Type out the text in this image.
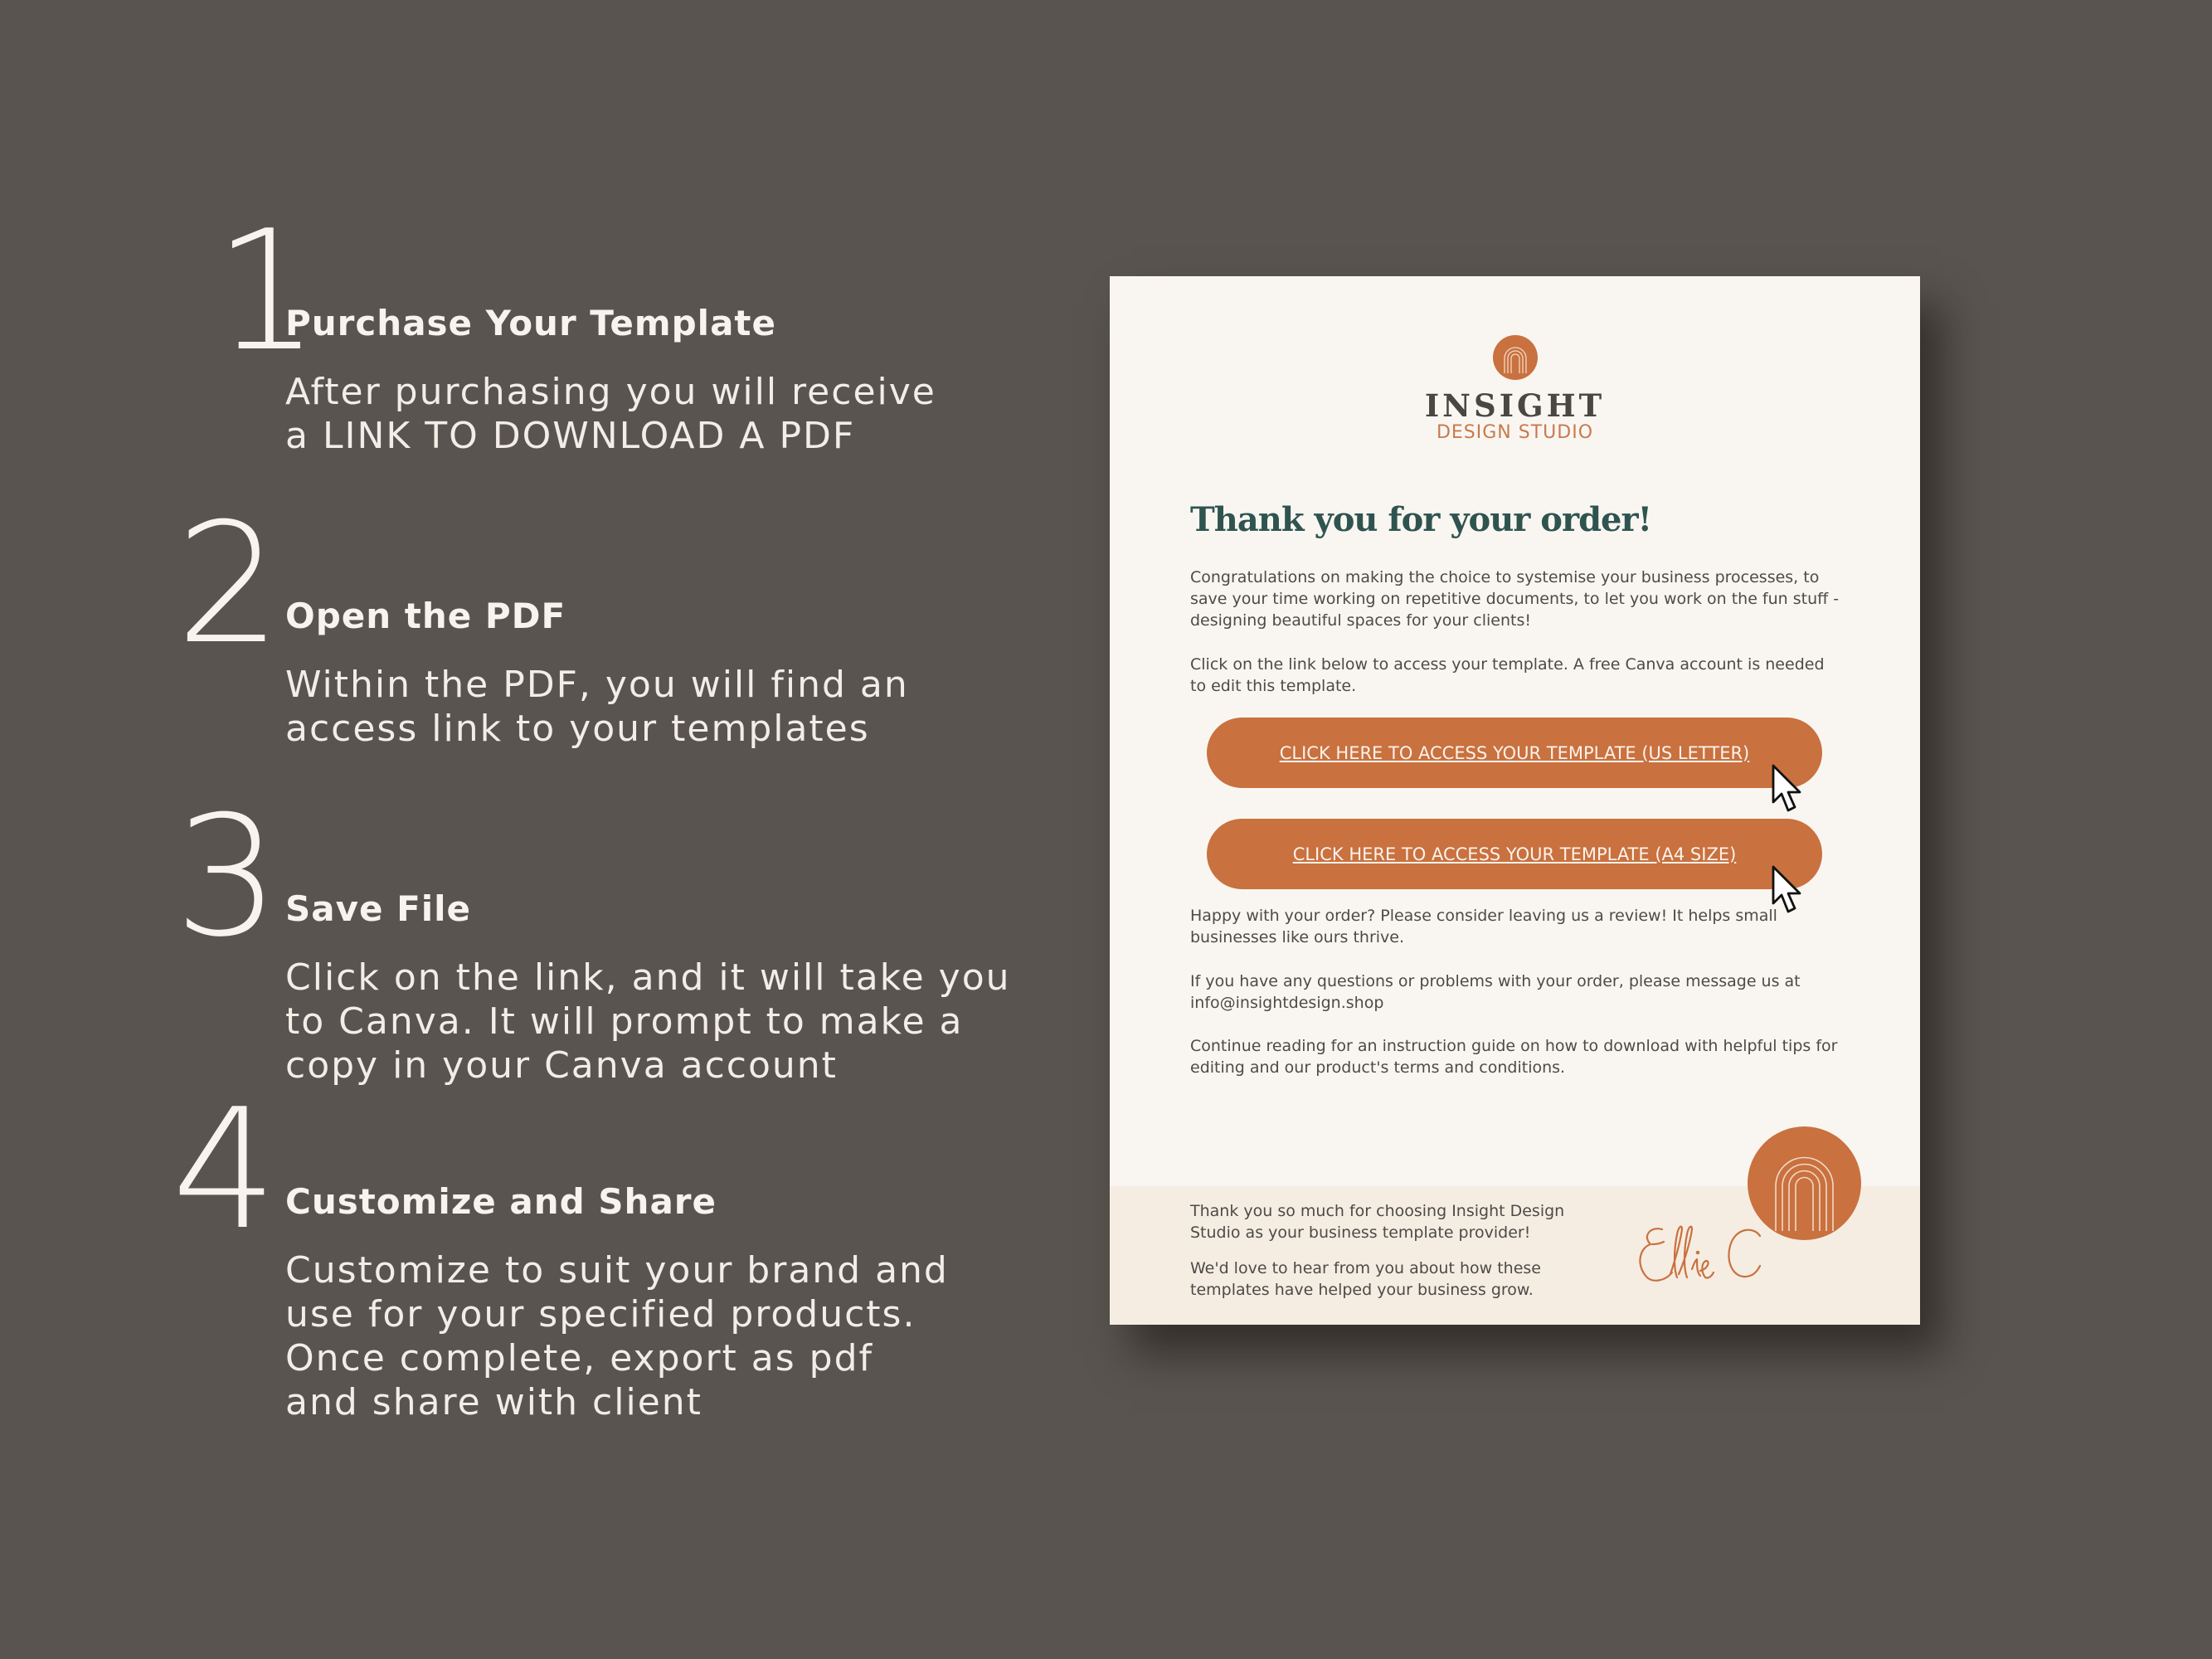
1
Purchase Your Template
After purchasing you will receive
a LINK TO DOWNLOAD A PDF
2 Open the PDF
Within the PDF, you will find an
access link to your templates
3 Save File
Click on the link, and it will take you
to Canva. It will prompt to make a
copy in your Canva account
4 Customize and Share
Customize to suit your brand and
use for your specified products.
Once complete, export as pdf
and share with client
INSIGHT
DESIGN STUDIO
Thank you for your order!
Congratulations on making the choice to systemise your business processes, to
save your time working on repetitive documents, to let you work on the fun stuff -
designing beautiful spaces for your clients!
Click on the link below to access your template. A free Canva account is needed
to edit this template.
CLICK HERE TO ACCESS YOUR TEMPLATE (US LETTER)
CLICK HERE TO ACCESS YOUR TEMPLATE (A4 SIZE)
Happy with your order? Please consider leaving us a review! It helps small
businesses like ours thrive.
If you have any questions or problems with your order, please message us at
info@insightdesign.shop
Continue reading for an instruction guide on how to download with helpful tips for
editing and our product's terms and conditions.
Thank you so much for choosing Insight Design
Studio as your business template provider!
We'd love to hear from you about how these
templates have helped your business grow.
